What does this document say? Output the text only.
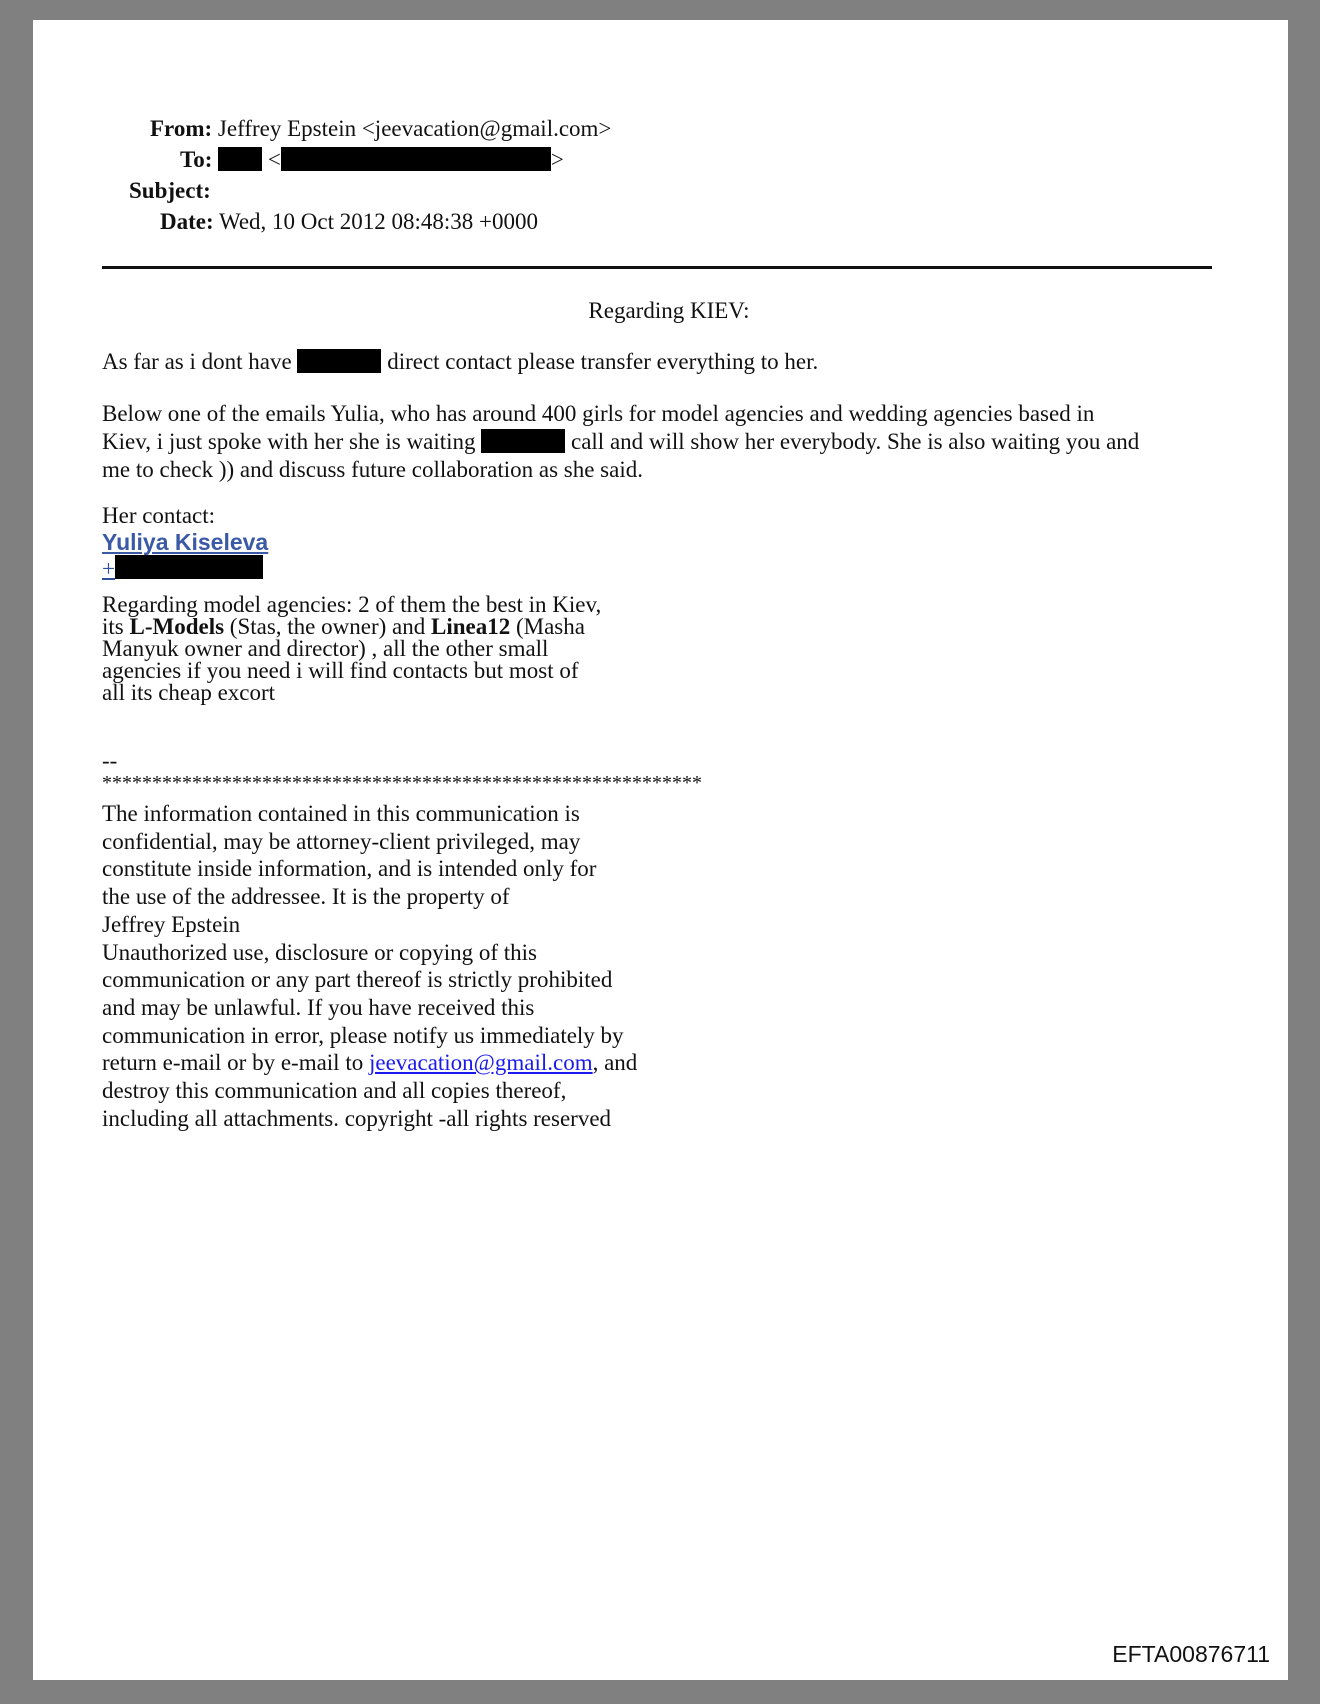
From: Jeffrey Epstein <jeevacation@gmail.com>
To: <	>
Subject:
Date: Wed, 10 Oct 2012 08:48:38 +0000
Regarding KIEV:
As far as i dont have	direct contact please transfer everything to her.
Below one of the emails Yulia, who has around 400 girls for model agencies and wedding agencies based in
Kiev, i just spoke with her she is waiting	call and will show her everybody. She is also waiting you and
me to check )) and discuss future collaboration as she said.
Her contact:
Yuliya Kiseleva
+
Regarding model agencies: 2 of them the best in Kiev,
its L-Models (Stas, the owner) and Linea12 (Masha
Manyuk owner and director) , all the other small
agencies if you need i will find contacts but most of
all its cheap excort
--
************************************************************
The information contained in this communication is
confidential, may be attorney-client privileged, may
constitute inside information, and is intended only for
the use of the addressee. It is the property of
Jeffrey Epstein
Unauthorized use, disclosure or copying of this
communication or any part thereof is strictly prohibited
and may be unlawful. If you have received this
communication in error, please notify us immediately by
return e-mail or by e-mail to jeevacation@gmail.com, and
destroy this communication and all copies thereof,
including all attachments. copyright -all rights reserved
EFTA00876711
